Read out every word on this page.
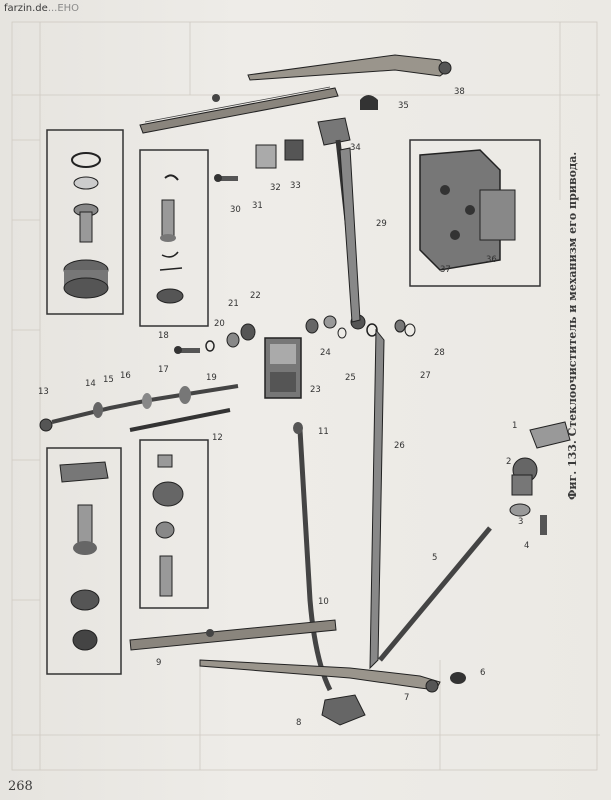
farzin.de...ЕНО
1
2
3
4
5
6
7
8
9
10
11
12
13
14 15 16
17
18
19
20
21
22
23
24
25
26
27
28
29
30 31
32 33
34
35
36
37
38
Фиг. 133. Стеклоочиститель и механизм его привода.
268
